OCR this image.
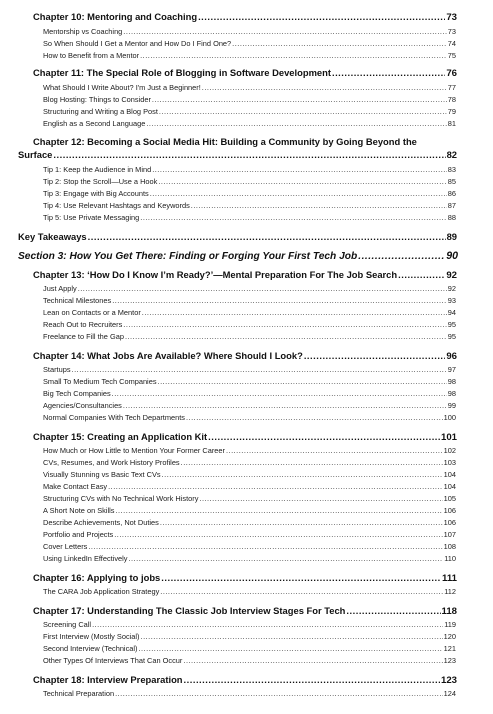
Chapter 10: Mentoring and Coaching .....	73
Mentorship vs Coaching .....	73
So When Should I Get a Mentor and How Do I Find One? .....	74
How to Benefit from a Mentor .....	75
Chapter 11: The Special Role of Blogging in Software Development .....	76
What Should I Write About? I'm Just a Beginner! .....	77
Blog Hosting: Things to Consider .....	78
Structuring and Writing a Blog Post .....	79
English as a Second Language .....	81
Chapter 12: Becoming a Social Media Hit: Building a Community by Going Beyond the
Surface .....	82
Tip 1: Keep the Audience in Mind .....	83
Tip 2: Stop the Scroll—Use a Hook .....	85
Tip 3: Engage with Big Accounts .....	86
Tip 4: Use Relevant Hashtags and Keywords .....	87
Tip 5: Use Private Messaging .....	88
Key Takeaways .....	89
Section 3: How You Get There: Finding or Forging Your First Tech Job .....	90
Chapter 13: ‘How Do I Know I’m Ready?’—Mental Preparation For The Job Search .....	92
Just Apply .....	92
Technical Milestones .....	93
Lean on Contacts or a Mentor .....	94
Reach Out to Recruiters .....	95
Freelance to Fill the Gap .....	95
Chapter 14: What Jobs Are Available? Where Should I Look? .....	96
Startups .....	97
Small To Medium Tech Companies .....	98
Big Tech Companies .....	98
Agencies/Consultancies .....	99
Normal Companies With Tech Departments .....	100
Chapter 15: Creating an Application Kit .....	101
How Much or How Little to Mention Your Former Career .....	102
CVs, Resumes, and Work History Profiles .....	103
Visually Stunning vs Basic Text CVs .....	104
Make Contact Easy .....	104
Structuring CVs with No Technical Work History .....	105
A Short Note on Skills .....	106
Describe Achievements, Not Duties .....	106
Portfolio and Projects .....	107
Cover Letters .....	108
Using LinkedIn Effectively .....	110
Chapter 16: Applying to jobs .....	111
The CARA Job Application Strategy .....	112
Chapter 17: Understanding The Classic Job Interview Stages For Tech .....	118
Screening Call .....	119
First Interview (Mostly Social) .....	120
Second Interview (Technical) .....	121
Other Types Of Interviews That Can Occur .....	123
Chapter 18: Interview Preparation .....	123
Technical Preparation .....	124
